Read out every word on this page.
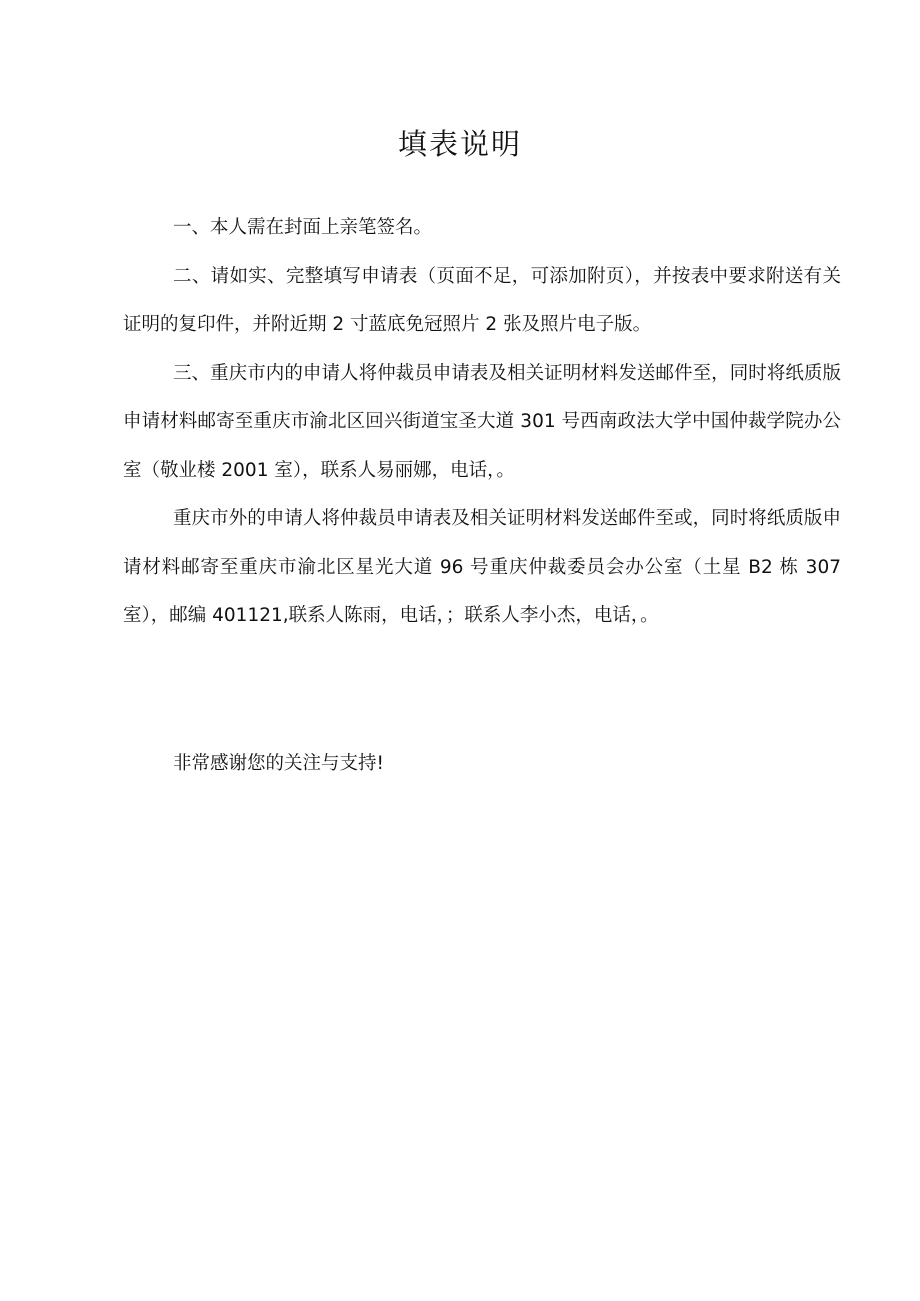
填表说明

一、本人需在封面上亲笔签名。

二、请如实、完整填写申请表（页面不足，可添加附页），并按表中要求附送有关证明的复印件，并附近期 2 寸蓝底免冠照片 2 张及照片电子版。

三、重庆市内的申请人将仲裁员申请表及相关证明材料发送邮件至，同时将纸质版申请材料邮寄至重庆市渝北区回兴街道宝圣大道 301 号西南政法大学中国仲裁学院办公室（敬业楼 2001 室），联系人易丽娜，电话，。

重庆市外的申请人将仲裁员申请表及相关证明材料发送邮件至或，同时将纸质版申请材料邮寄至重庆市渝北区星光大道 96 号重庆仲裁委员会办公室（土星 B2 栋 307 室），邮编 401121,联系人陈雨，电话，；联系人李小杰，电话，。

非常感谢您的关注与支持!
